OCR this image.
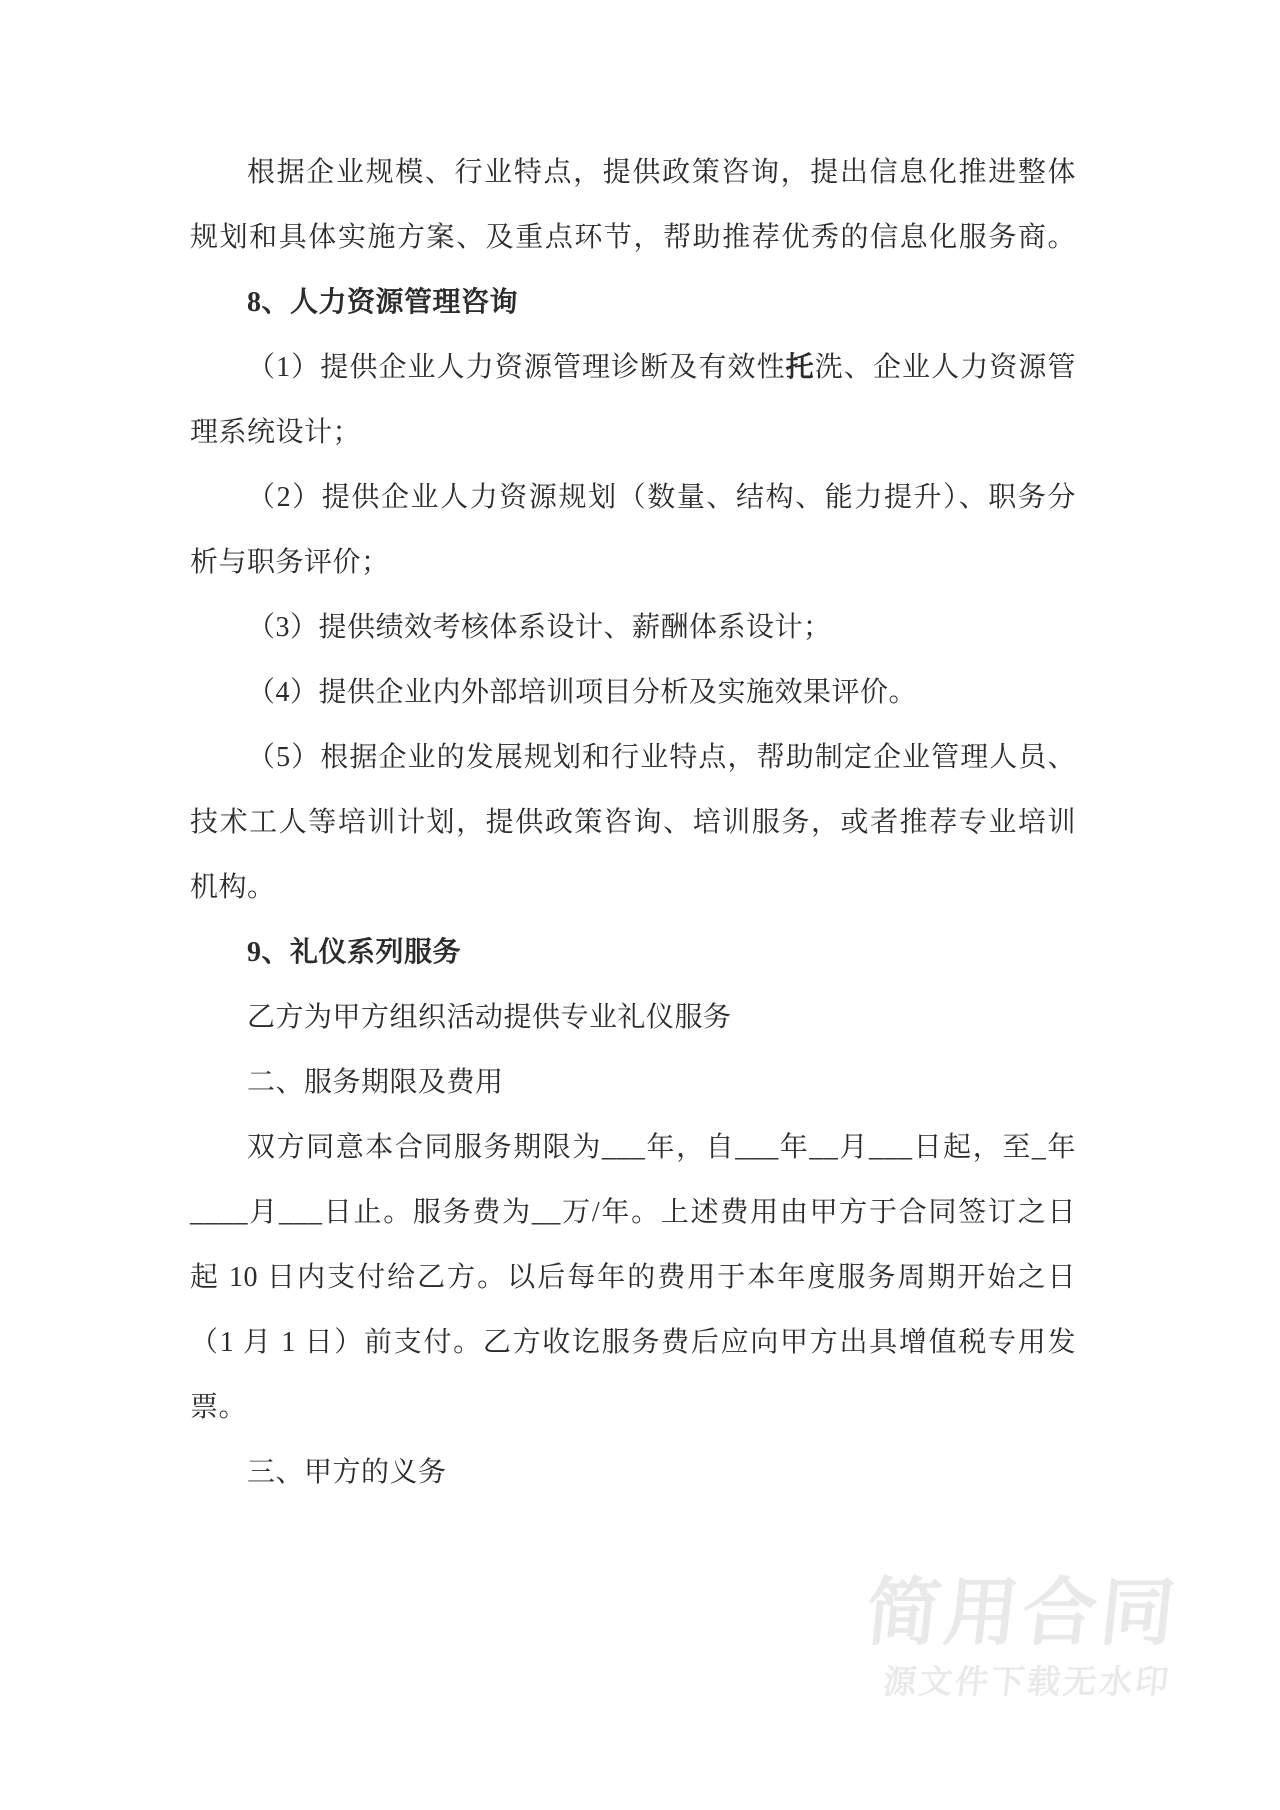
根据企业规模、行业特点，提供政策咨询，提出信息化推进整体
规划和具体实施方案、及重点环节，帮助推荐优秀的信息化服务商。
8、人力资源管理咨询
（1）提供企业人力资源管理诊断及有效性托洗、企业人力资源管
理系统设计；
（2）提供企业人力资源规划（数量、结构、能力提升）、职务分
析与职务评价；
（3）提供绩效考核体系设计、薪酬体系设计；
（4）提供企业内外部培训项目分析及实施效果评价。
（5）根据企业的发展规划和行业特点，帮助制定企业管理人员、
技术工人等培训计划，提供政策咨询、培训服务，或者推荐专业培训
机构。
9、礼仪系列服务
乙方为甲方组织活动提供专业礼仪服务
二、服务期限及费用
双方同意本合同服务期限为___年，自___年__月___日起，至_年
____月___日止。服务费为__万/年。上述费用由甲方于合同签订之日
起 10 日内支付给乙方。以后每年的费用于本年度服务周期开始之日
（1 月 1 日）前支付。乙方收讫服务费后应向甲方出具增值税专用发
票。
三、甲方的义务
简用合同
源文件下载无水印
